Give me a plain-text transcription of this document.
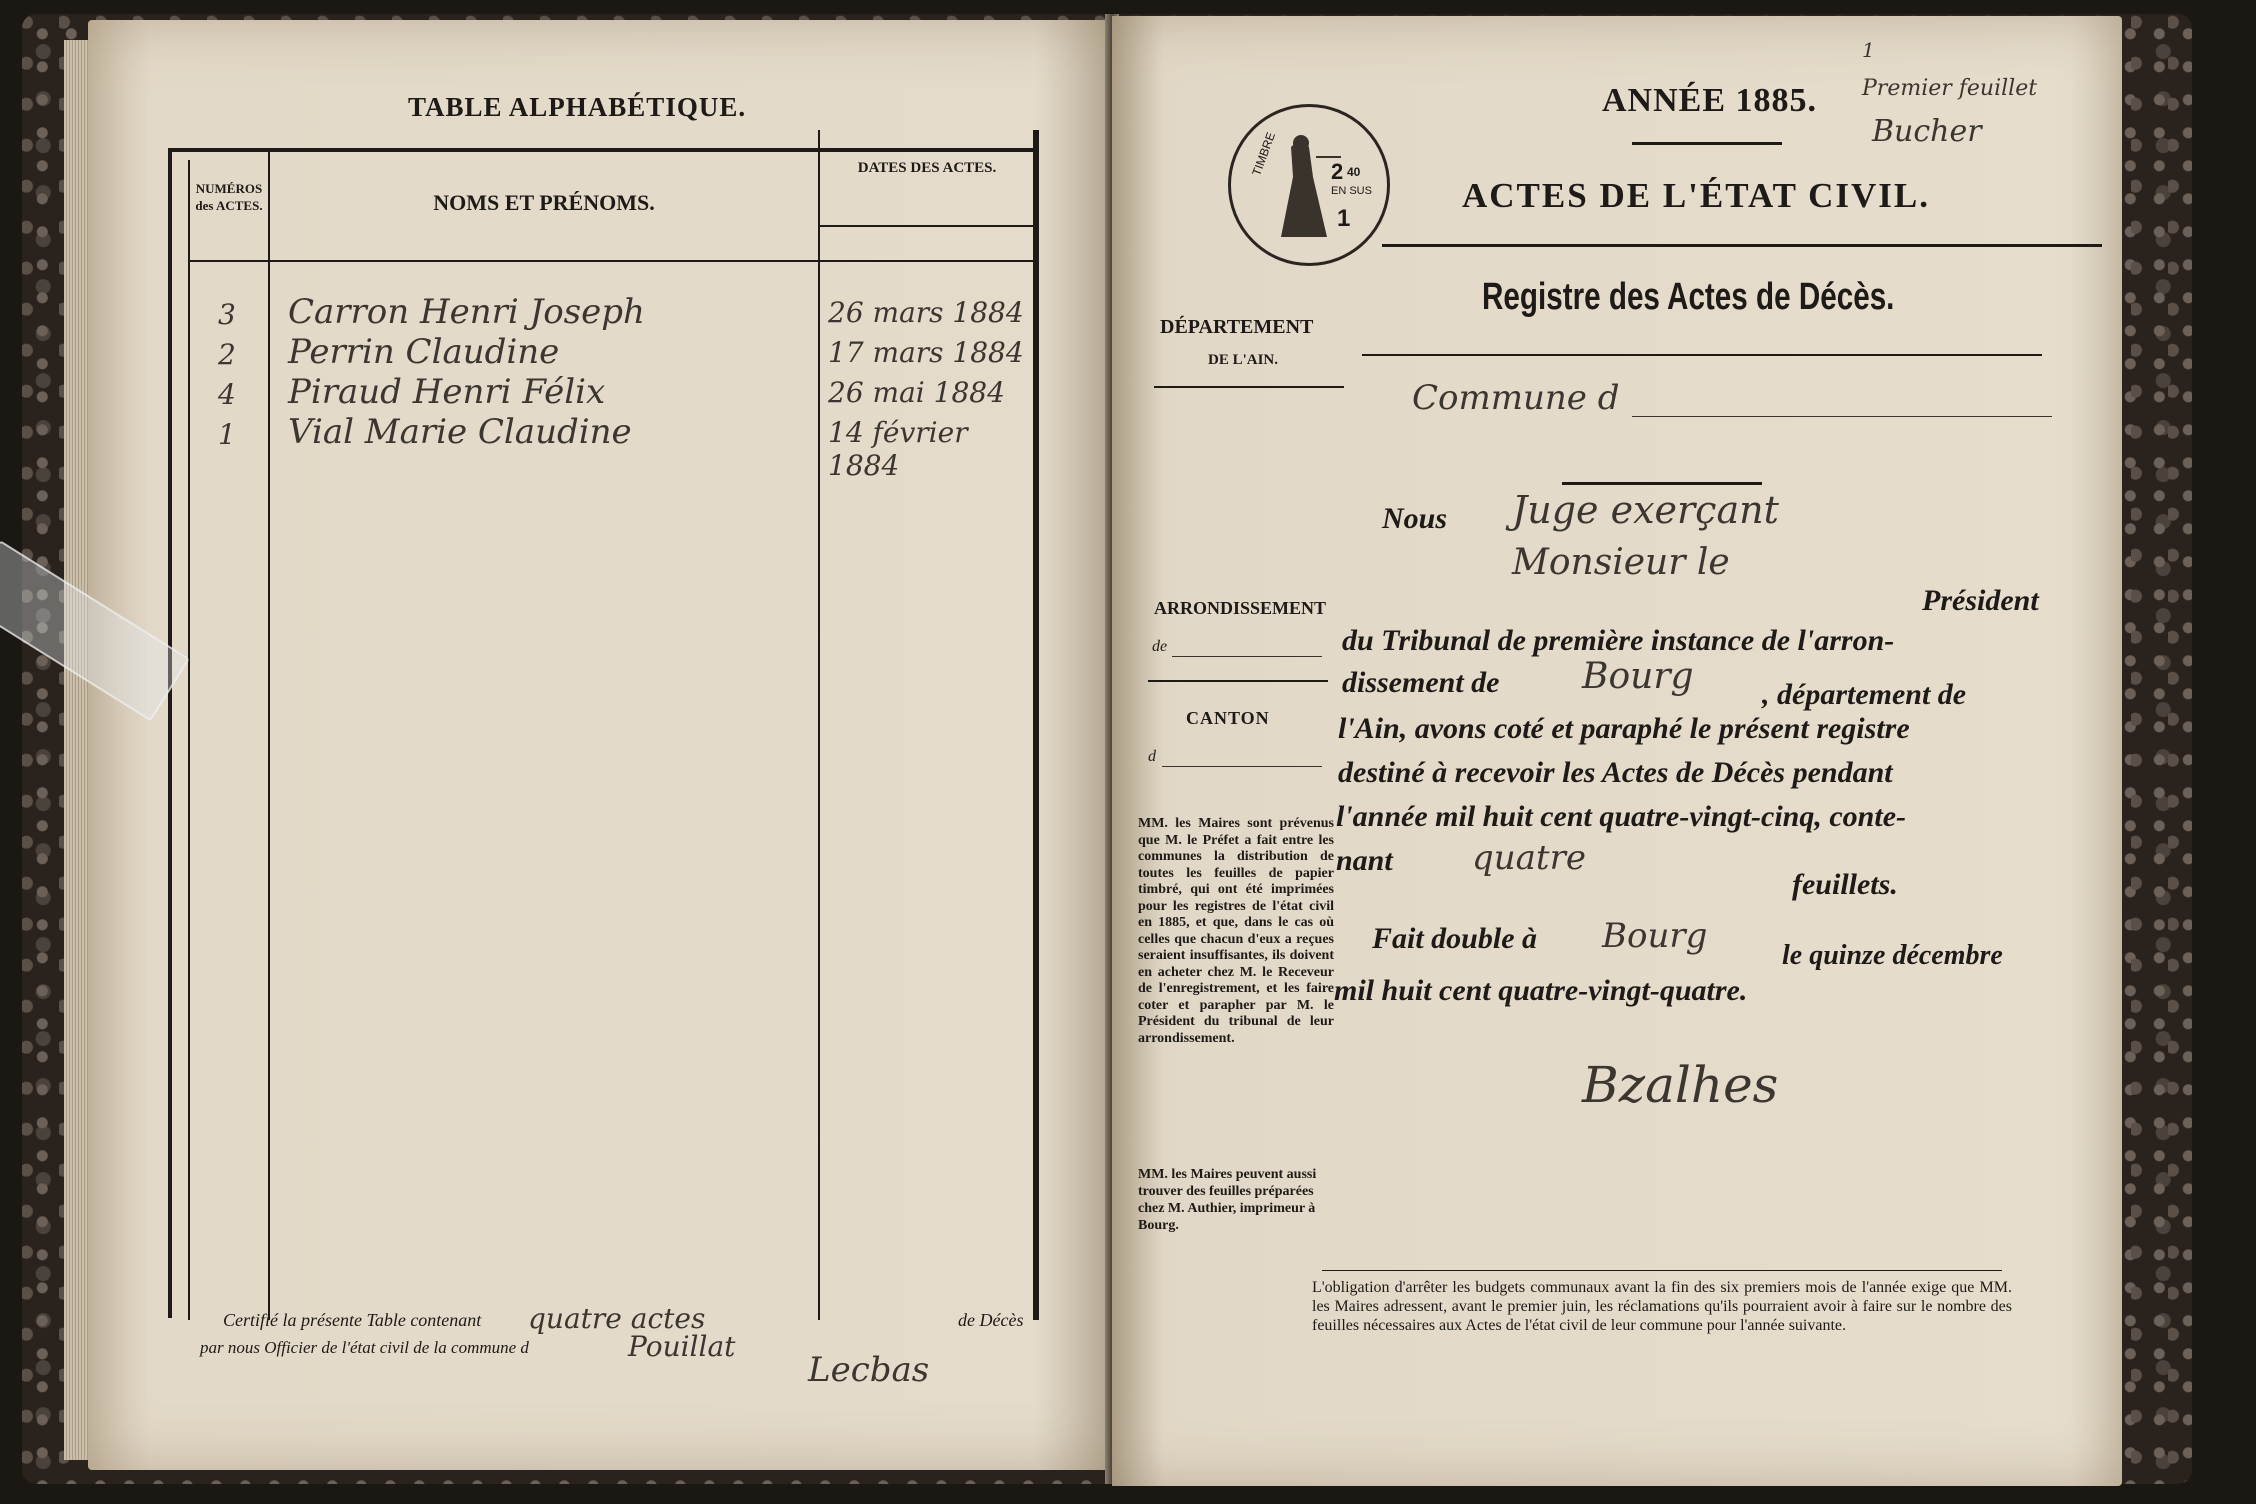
TABLE ALPHABÉTIQUE.
NUMÉROS des ACTES.	NOMS ET PRÉNOMS.
DATES DES ACTES.
3 Carron Henri Joseph	26 mars 1884
2 Perrin Claudine	17 mars 1884
4 Piraud Henri Félix	26 mai 1884
1 Vial Marie Claudine	14 février 1884
Certifié la présente Table contenant quatre actes	de Décès
par nous Officier de l'état civil de la commune d	Pouillat
Lecbas
1
Premier feuillet
Bucher
TIMBRE 2 40
EN SUS
1
ANNÉE 1885.
ACTES DE L'ÉTAT CIVIL.
Registre des Actes de Décès.
DÉPARTEMENT
DE L'AIN.
Commune d
ARRONDISSEMENT
de
CANTON
d
MM. les Maires sont prévenus que M. le Préfet a fait entre les communes la distribution de toutes les feuilles de papier timbré, qui ont été imprimées pour les registres de l'état civil en 1885, et que, dans le cas où celles que chacun d'eux a reçues seraient insuffisantes, ils doivent en acheter chez M. le Receveur de l'enregistrement, et les faire coter et parapher par M. le Président du tribunal de leur arrondissement.
MM. les Maires peuvent aussi trouver des feuilles préparées chez M. Authier, imprimeur à Bourg.
Nous Juge exerçant
Monsieur le
Président
du Tribunal de première instance de l'arron-
dissement de Bourg , département de
l'Ain, avons coté et paraphé le présent registre
destiné à recevoir les Actes de Décès pendant
l'année mil huit cent quatre-vingt-cinq, conte-
nant quatre
feuillets.
Fait double à Bourg	le quinze décembre
mil huit cent quatre-vingt-quatre.
Bzalhes
L'obligation d'arrêter les budgets communaux avant la fin des six premiers mois de l'année exige que MM. les Maires adressent, avant le premier juin, les réclamations qu'ils pourraient avoir à faire sur le nombre des feuilles nécessaires aux Actes de l'état civil de leur commune pour l'année suivante.
